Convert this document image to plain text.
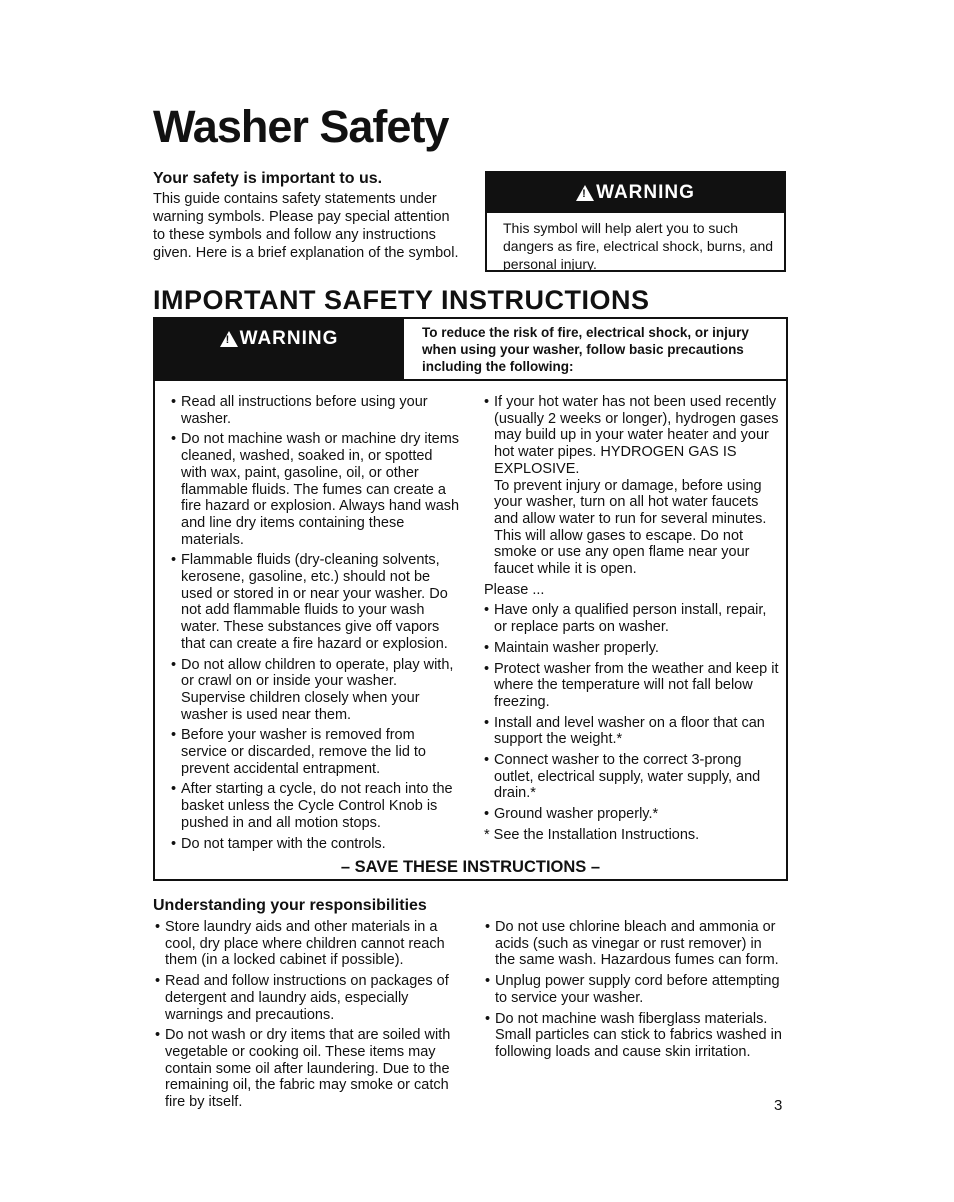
Washer Safety
Your safety is important to us.

This guide contains safety statements under warning symbols. Please pay special attention to these symbols and follow any instructions given. Here is a brief explanation of the symbol.

!
WARNING

This symbol will help alert you to such dangers as fire, electrical shock, burns, and personal injury.

IMPORTANT SAFETY INSTRUCTIONS
!
WARNING	To reduce the risk of fire, electrical shock, or injury when using your washer, follow basic precautions including the following:

• Read all instructions before using your washer.
• Do not machine wash or machine dry items cleaned, washed, soaked in, or spotted with wax, paint, gasoline, oil, or other flammable fluids. The fumes can create a fire hazard or explosion. Always hand wash and line dry items containing these materials.
• Flammable fluids (dry-cleaning solvents, kerosene, gasoline, etc.) should not be used or stored in or near your washer. Do not add flammable fluids to your wash water. These substances give off vapors that can create a fire hazard or explosion.
• Do not allow children to operate, play with, or crawl on or inside your washer. Supervise children closely when your washer is used near them.
• Before your washer is removed from service or discarded, remove the lid to prevent accidental entrapment.
• After starting a cycle, do not reach into the basket unless the Cycle Control Knob is pushed in and all motion stops.
• Do not tamper with the controls.
• If your hot water has not been used recently (usually 2 weeks or longer), hydrogen gases may build up in your water heater and your hot water pipes. HYDROGEN GAS IS EXPLOSIVE.

To prevent injury or damage, before using your washer, turn on all hot water faucets and allow water to run for several minutes. This will allow gases to escape. Do not smoke or use any open flame near your faucet while it is open.

Please ...

• Have only a qualified person install, repair, or replace parts on washer.
• Maintain washer properly.
• Protect washer from the weather and keep it where the temperature will not fall below freezing.
• Install and level washer on a floor that can support the weight.*
• Connect washer to the correct 3-prong outlet, electrical supply, water supply, and drain.*
• Ground washer properly.*

* See the Installation Instructions.

– SAVE THESE INSTRUCTIONS –

Understanding your responsibilities
• Store laundry aids and other materials in a cool, dry place where children cannot reach them (in a locked cabinet if possible).
• Read and follow instructions on packages of detergent and laundry aids, especially warnings and precautions.
• Do not wash or dry items that are soiled with vegetable or cooking oil. These items may contain some oil after laundering. Due to the remaining oil, the fabric may smoke or catch fire by itself.
• Do not use chlorine bleach and ammonia or acids (such as vinegar or rust remover) in the same wash. Hazardous fumes can form.
• Unplug power supply cord before attempting to service your washer.
• Do not machine wash fiberglass materials. Small particles can stick to fabrics washed in following loads and cause skin irritation.

3
